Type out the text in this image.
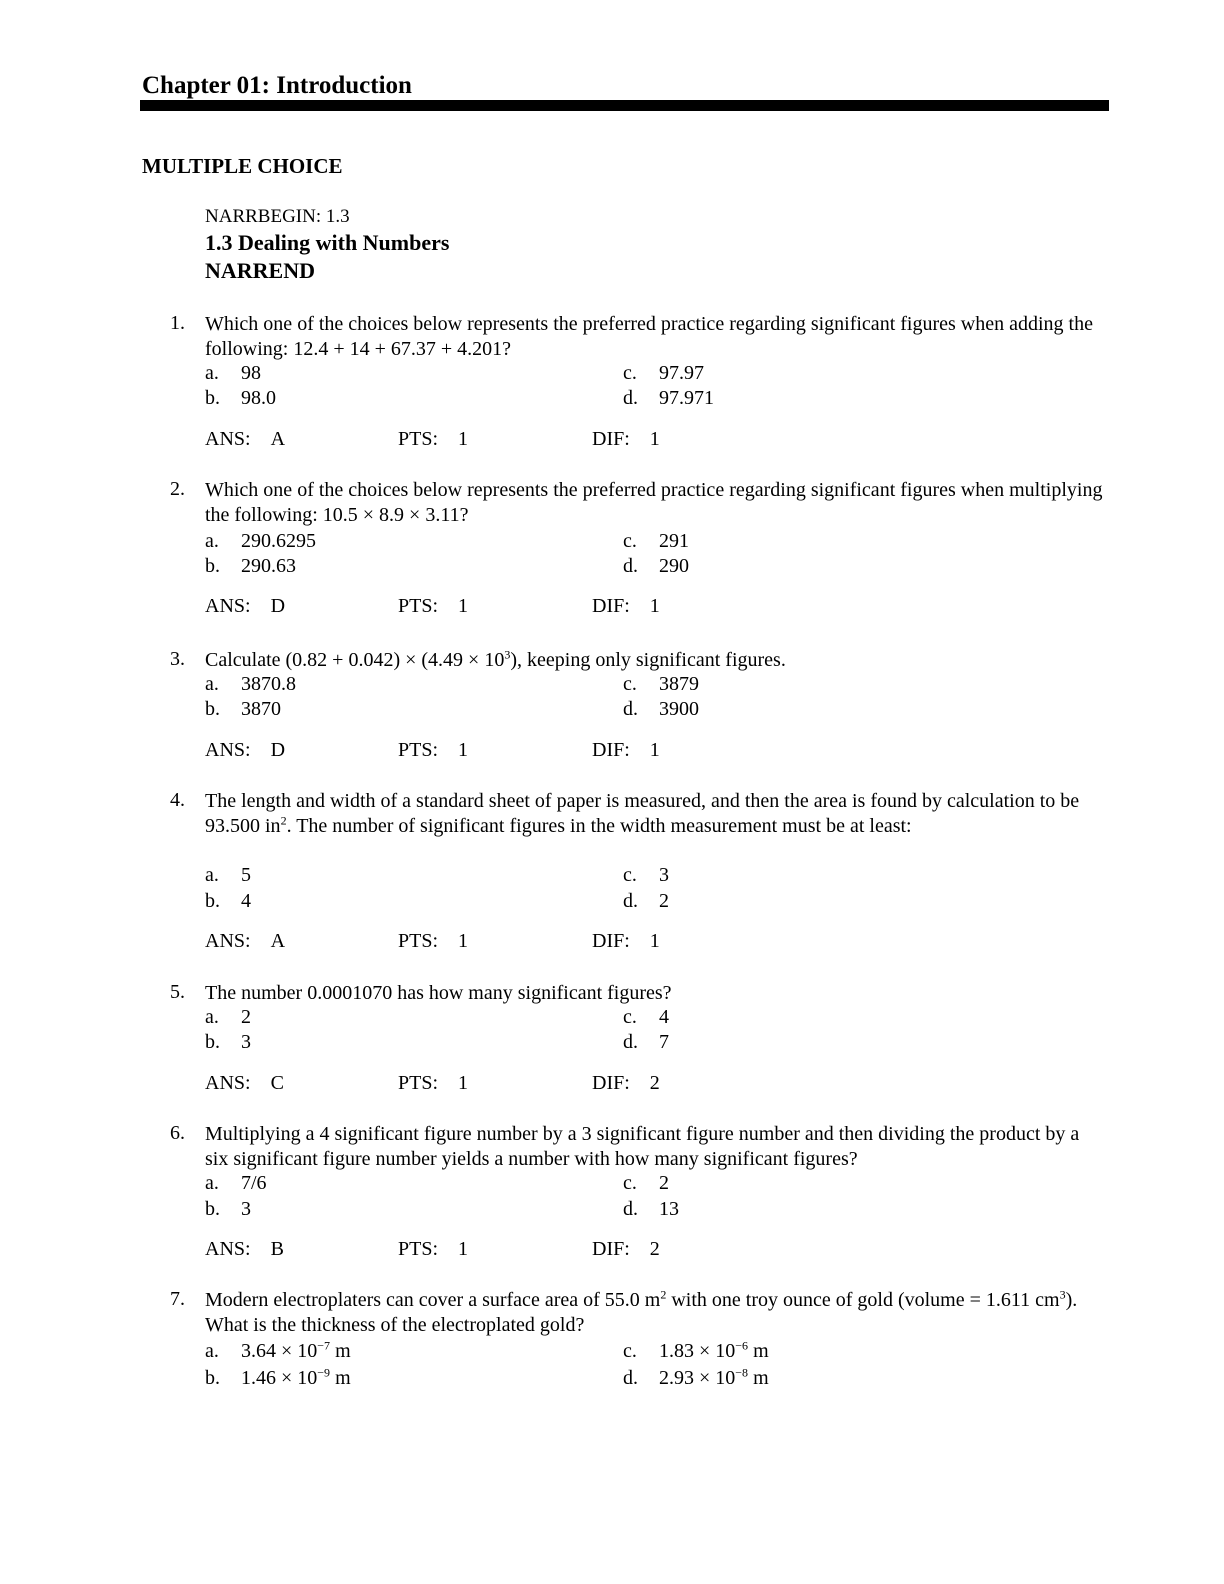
Chapter 01: Introduction
MULTIPLE CHOICE
NARRBEGIN: 1.3
1.3 Dealing with Numbers
NARREND
1. Which one of the choices below represents the preferred practice regarding significant figures when adding the following: 12.4 + 14 + 67.37 + 4.201?
a. 98
b. 98.0
c. 97.97
d. 97.971
ANS: A	PTS: 1	DIF: 1
2. Which one of the choices below represents the preferred practice regarding significant figures when multiplying the following: 10.5 × 8.9 × 3.11?
a. 290.6295
b. 290.63
c. 291
d. 290
ANS: D	PTS: 1	DIF: 1
3. Calculate $(0.82 + 0.042) \times (4.49 \times 10^3)$, keeping only significant figures.
a. 3870.8
b. 3870
c. 3879
d. 3900
ANS: D	PTS: 1	DIF: 1
4. The length and width of a standard sheet of paper is measured, and then the area is found by calculation to be 93.500 $in^2$. The number of significant figures in the width measurement must be at least:
a. 5
b. 4
c. 3
d. 2
ANS: A	PTS: 1	DIF: 1
5. The number 0.0001070 has how many significant figures?
a. 2
b. 3
c. 4
d. 7
ANS: C	PTS: 1	DIF: 2
6. Multiplying a 4 significant figure number by a 3 significant figure number and then dividing the product by a six significant figure number yields a number with how many significant figures?
a. 7/6
b. 3
c. 2
d. 13
ANS: B	PTS: 1	DIF: 2
7. Modern electroplaters can cover a surface area of 55.0 $m^2$ with one troy ounce of gold (volume = 1.611 $cm^3$). What is the thickness of the electroplated gold?
a. $3.64 \times 10^{-7}$ m
b. $1.46 \times 10^{-9}$ m
c. $1.83 \times 10^{-6}$ m
d. $2.93 \times 10^{-8}$ m
